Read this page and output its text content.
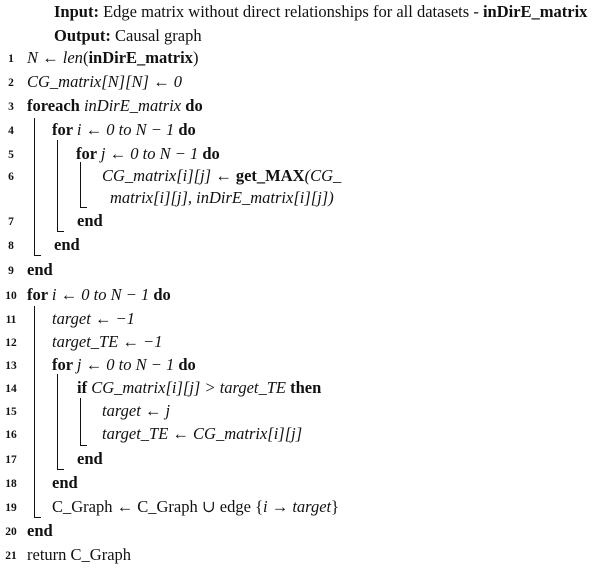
Input: Edge matrix without direct relationships for all datasets - inDirE_matrix
Output: Causal graph
1 N ← len(inDirE_matrix)
2 CG_matrix[N][N] ← 0
3 foreach inDirE_matrix do
4	for i ← 0 to N − 1 do
5	for j ← 0 to N − 1 do
6	CG_matrix[i][j] ← get_MAX(CG_
matrix[i][j], inDirE_matrix[i][j])
7	end
8	end
9 end
10 for i ← 0 to N − 1 do
11 target ← −1
12 target_TE ← −1
13 for j ← 0 to N − 1 do
14	if CG_matrix[i][j] > target_TE then
15	target ← j
16	target_TE ← CG_matrix[i][j]
17	end
18 end
19 C_Graph ← C_Graph ∪ edge {i → target}
20 end
21 return C_Graph
